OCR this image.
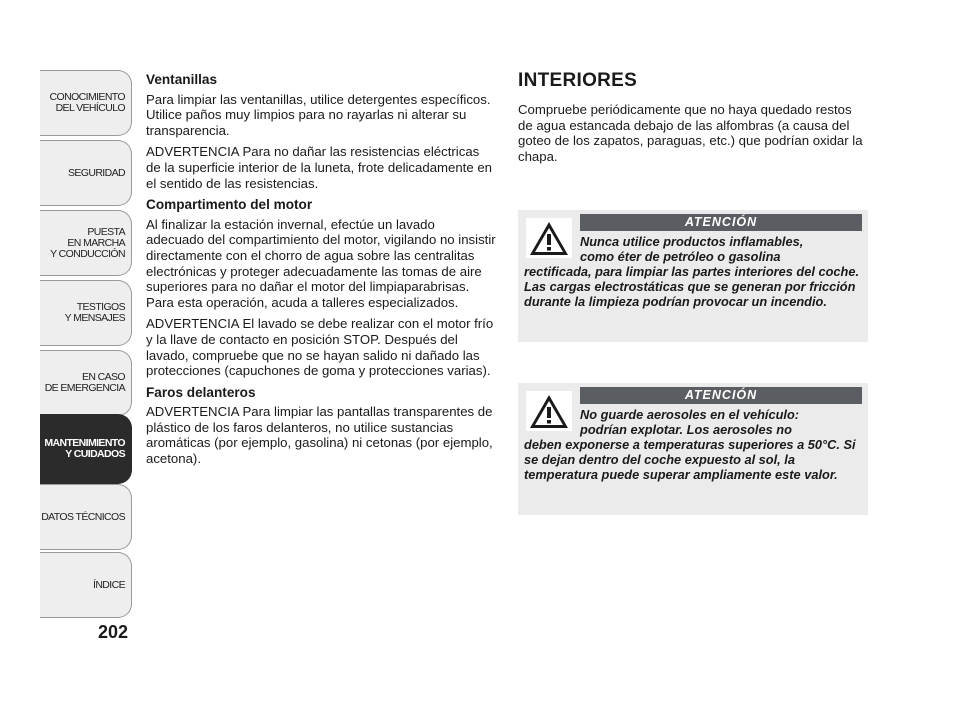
CONOCIMIENTO
DEL VEHÍCULO
SEGURIDAD
PUESTA
EN MARCHA
Y CONDUCCIÓN
TESTIGOS
Y MENSAJES
EN CASO
DE EMERGENCIA
MANTENIMIENTO
Y CUIDADOS
DATOS TÉCNICOS
ÍNDICE
202
Ventanillas

Para limpiar las ventanillas, utilice detergentes específicos. Utilice paños muy limpios para no rayarlas ni alterar su transparencia.

ADVERTENCIA Para no dañar las resistencias eléctricas de la superficie interior de la luneta, frote delicadamente en el sentido de las resistencias.

Compartimento del motor

Al finalizar la estación invernal, efectúe un lavado adecuado del compartimiento del motor, vigilando no insistir directamente con el chorro de agua sobre las centralitas electrónicas y proteger adecuadamente las tomas de aire superiores para no dañar el motor del limpiaparabrisas. Para esta operación, acuda a talleres especializados.

ADVERTENCIA El lavado se debe realizar con el motor frío y la llave de contacto en posición STOP. Después del lavado, compruebe que no se hayan salido ni dañado las protecciones (capuchones de goma y protecciones varias).

Faros delanteros

ADVERTENCIA Para limpiar las pantallas transparentes de plástico de los faros delanteros, no utilice sustancias aromáticas (por ejemplo, gasolina) ni cetonas (por ejemplo, acetona).

INTERIORES

Compruebe periódicamente que no haya quedado restos de agua estancada debajo de las alfombras (a causa del goteo de los zapatos, paraguas, etc.) que podrían oxidar la chapa.

ATENCIÓN
Nunca utilice productos inflamables,
como éter de petróleo o gasolina
rectificada, para limpiar las partes interiores del coche. Las cargas electrostáticas que se generan por fricción durante la limpieza podrían provocar un incendio.
ATENCIÓN
No guarde aerosoles en el vehículo:
podrían explotar. Los aerosoles no
deben exponerse a temperaturas superiores a 50°C. Si se dejan dentro del coche expuesto al sol, la temperatura puede superar ampliamente este valor.
